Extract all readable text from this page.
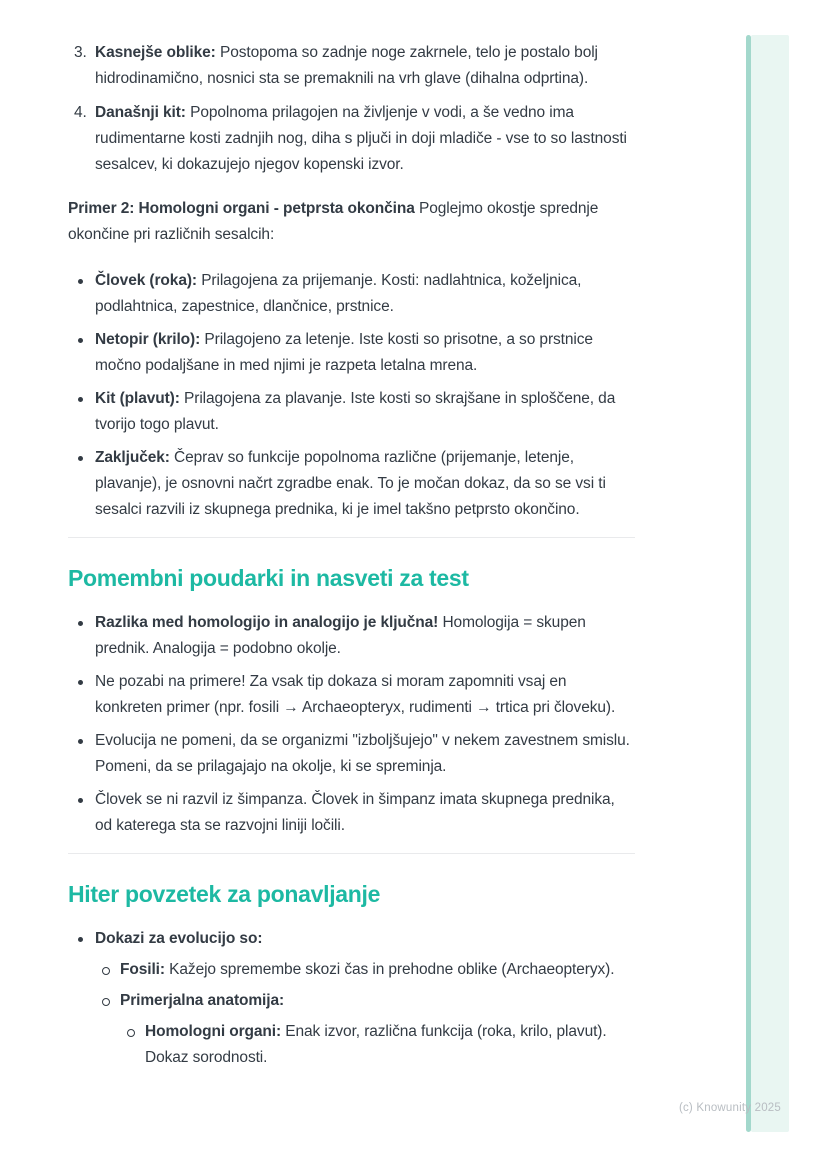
3. Kasnejše oblike: Postopoma so zadnje noge zakrnele, telo je postalo bolj hidrodinamično, nosnici sta se premaknili na vrh glave (dihalna odprtina).
4. Današnji kit: Popolnoma prilagojen na življenje v vodi, a še vedno ima rudimentarne kosti zadnjih nog, diha s pljuči in doji mladiče - vse to so lastnosti sesalcev, ki dokazujejo njegov kopenski izvor.

Primer 2: Homologni organi - petprsta okončina Poglejmo okostje sprednje okončine pri različnih sesalcih:

Človek (roka): Prilagojena za prijemanje. Kosti: nadlahtnica, koželjnica, podlahtnica, zapestnice, dlančnice, prstnice.
Netopir (krilo): Prilagojeno za letenje. Iste kosti so prisotne, a so prstnice močno podaljšane in med njimi je razpeta letalna mrena.
Kit (plavut): Prilagojena za plavanje. Iste kosti so skrajšane in sploščene, da tvorijo togo plavut.
Zaključek: Čeprav so funkcije popolnoma različne (prijemanje, letenje, plavanje), je osnovni načrt zgradbe enak. To je močan dokaz, da so se vsi ti sesalci razvili iz skupnega prednika, ki je imel takšno petprsto okončino.
Pomembni poudarki in nasveti za test
Razlika med homologijo in analogijo je ključna! Homologija = skupen prednik. Analogija = podobno okolje.
Ne pozabi na primere! Za vsak tip dokaza si moram zapomniti vsaj en konkreten primer (npr. fosili → Archaeopteryx, rudimenti → trtica pri človeku).
Evolucija ne pomeni, da se organizmi "izboljšujejo" v nekem zavestnem smislu. Pomeni, da se prilagajajo na okolje, ki se spreminja.
Človek se ni razvil iz šimpanza. Človek in šimpanz imata skupnega prednika, od katerega sta se razvojni liniji ločili.
Hiter povzetek za ponavljanje
Dokazi za evolucijo so:
Fosili: Kažejo spremembe skozi čas in prehodne oblike (Archaeopteryx).
Primerjalna anatomija:
Homologni organi: Enak izvor, različna funkcija (roka, krilo, plavut). Dokaz sorodnosti.
(c) Knowunity 2025
